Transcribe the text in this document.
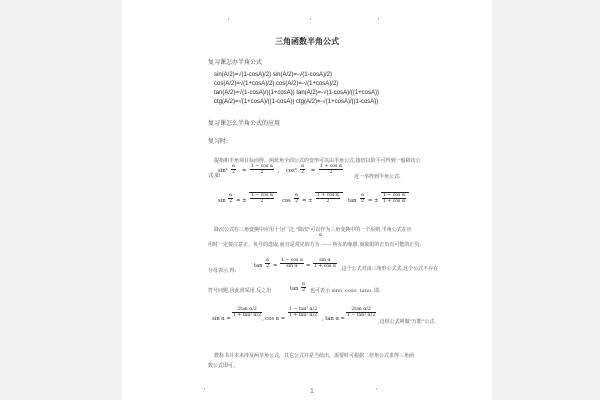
'	'	'
三角函数半角公式
复习课怎办半角公式
sin(A/2)=√(1-cosA)/2) sin(A/2)=-√(1-cosA)/2)
cos(A/2)=√(1+cosA)/2) cos(A/2)=-√(1+cosA)/2)
tan(A/2)=√(1-cosA)/((1+cosA)) tan(A/2)=-√(1-cosA)/((1+cosA))
ctg(A/2)=√(1+cosA)/((1-cosA)) ctg(A/2)=-√(1+cosA)/((1-cosA))
复习课怎么半角公式的应用
复习时:
提指和半角项目标而得，两蓝角全面公式的变形可以由半角公式,接倍以阶平可得到一般降次公
式,如
$\sin^2 \frac{\alpha}{2} = \frac{\text{1 − cos α}}{2}$ , $\cos^2 \frac{\alpha}{2} = \frac{\text{1 + cos α}}{2}$
近一举得到半角公式:
$\sin \frac{\alpha}{2}$ = ± $\frac{\text{1 − cos α}}{2}$ $\cos \frac{\alpha}{2}$ = ± $\frac{\text{1 + cos α}}{2}$ $\tan \frac{\alpha}{2}$ = ± $\frac{\text{1 − cos α}}{\text{1 + cos α}}$
降次公式在三角变换中应用十分广泛,"降次"可以作为三角变换中的一个原则,半角公式在应
用时一定要注意正、负号的选取,而且是常见的方为 —— 所在的象限,而象限的正负有可能的正负,
α
分母表示,得:
$\tan \frac{\alpha}{2} = \frac{\text{1 − cos α}}{\text{sin α}} = \frac{\text{sin α}}{\text{1 + cos α}}$ ,这个公式对由三角形公式式,这个公式不存在
符号问题,因此常采用,反之用	$\tan \frac{\alpha}{2}$ 也可表示 sino, coso, tano, 即:
sin α =
$\frac{\text{2tan α/2}}{\text{1 + tan² α/2}}$
, cos α =
$\frac{\text{1 − tan² α/2}}{\text{1 + tan² α/2}}$
, tan α =
$\frac{\text{2tan α/2}}{\text{1 − tan² α/2}}$
,这组公式叫做"万能"公式.
教科书并未未涉及两萃角公式，其它公式并是当给出，需要时可根据二倍角公式求得三角函
数公式即可。
'	1	'
